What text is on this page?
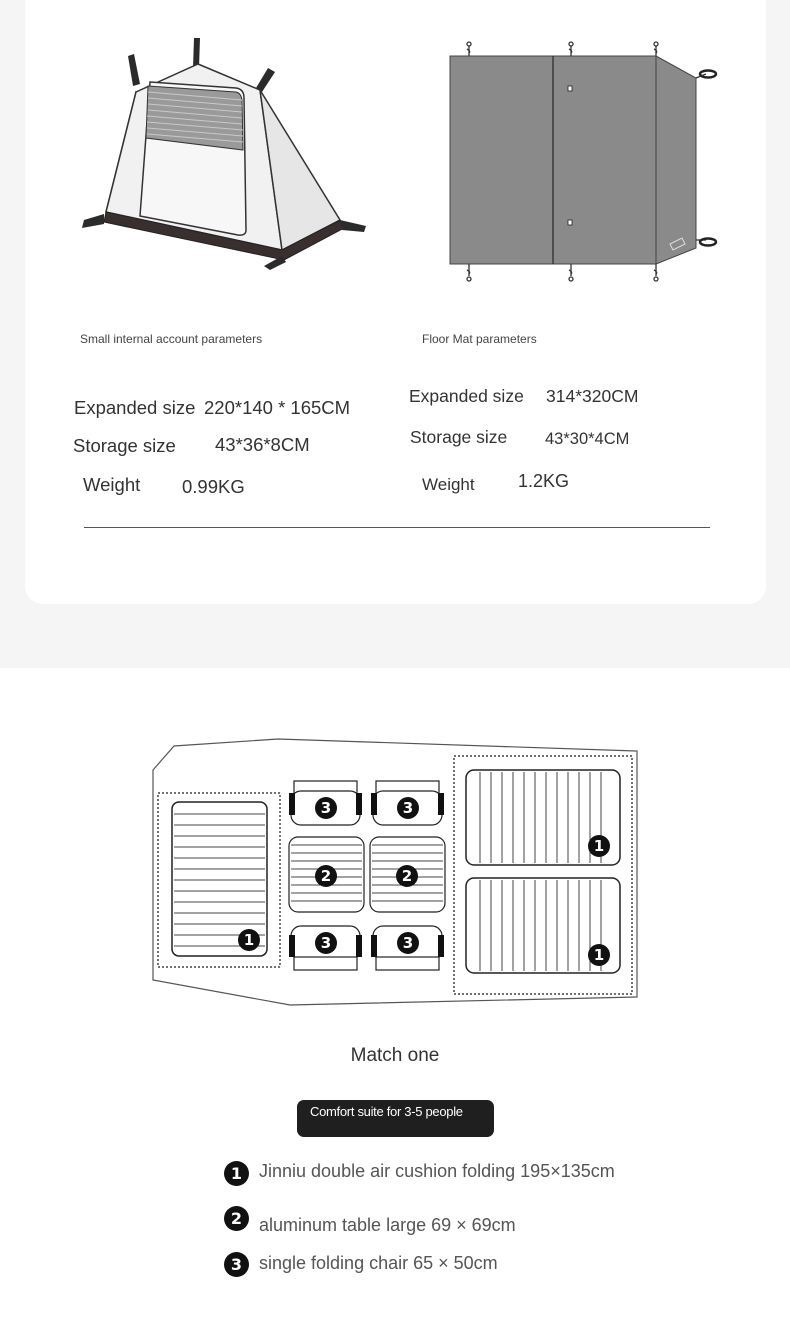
Small internal account parameters	Floor Mat parameters
Expanded size 220*140 * 165CM
Storage size 43*36*8CM
Weight 0.99KG
Expanded size 314*320CM
Storage size 43*30*4CM
Weight 1.2KG
1
1
1
2	2
3	3
3	3
Match one
Comfort suite for 3-5 people
1 Jinniu double air cushion folding 195×135cm
2 aluminum table large 69 × 69cm
3 single folding chair 65 × 50cm
